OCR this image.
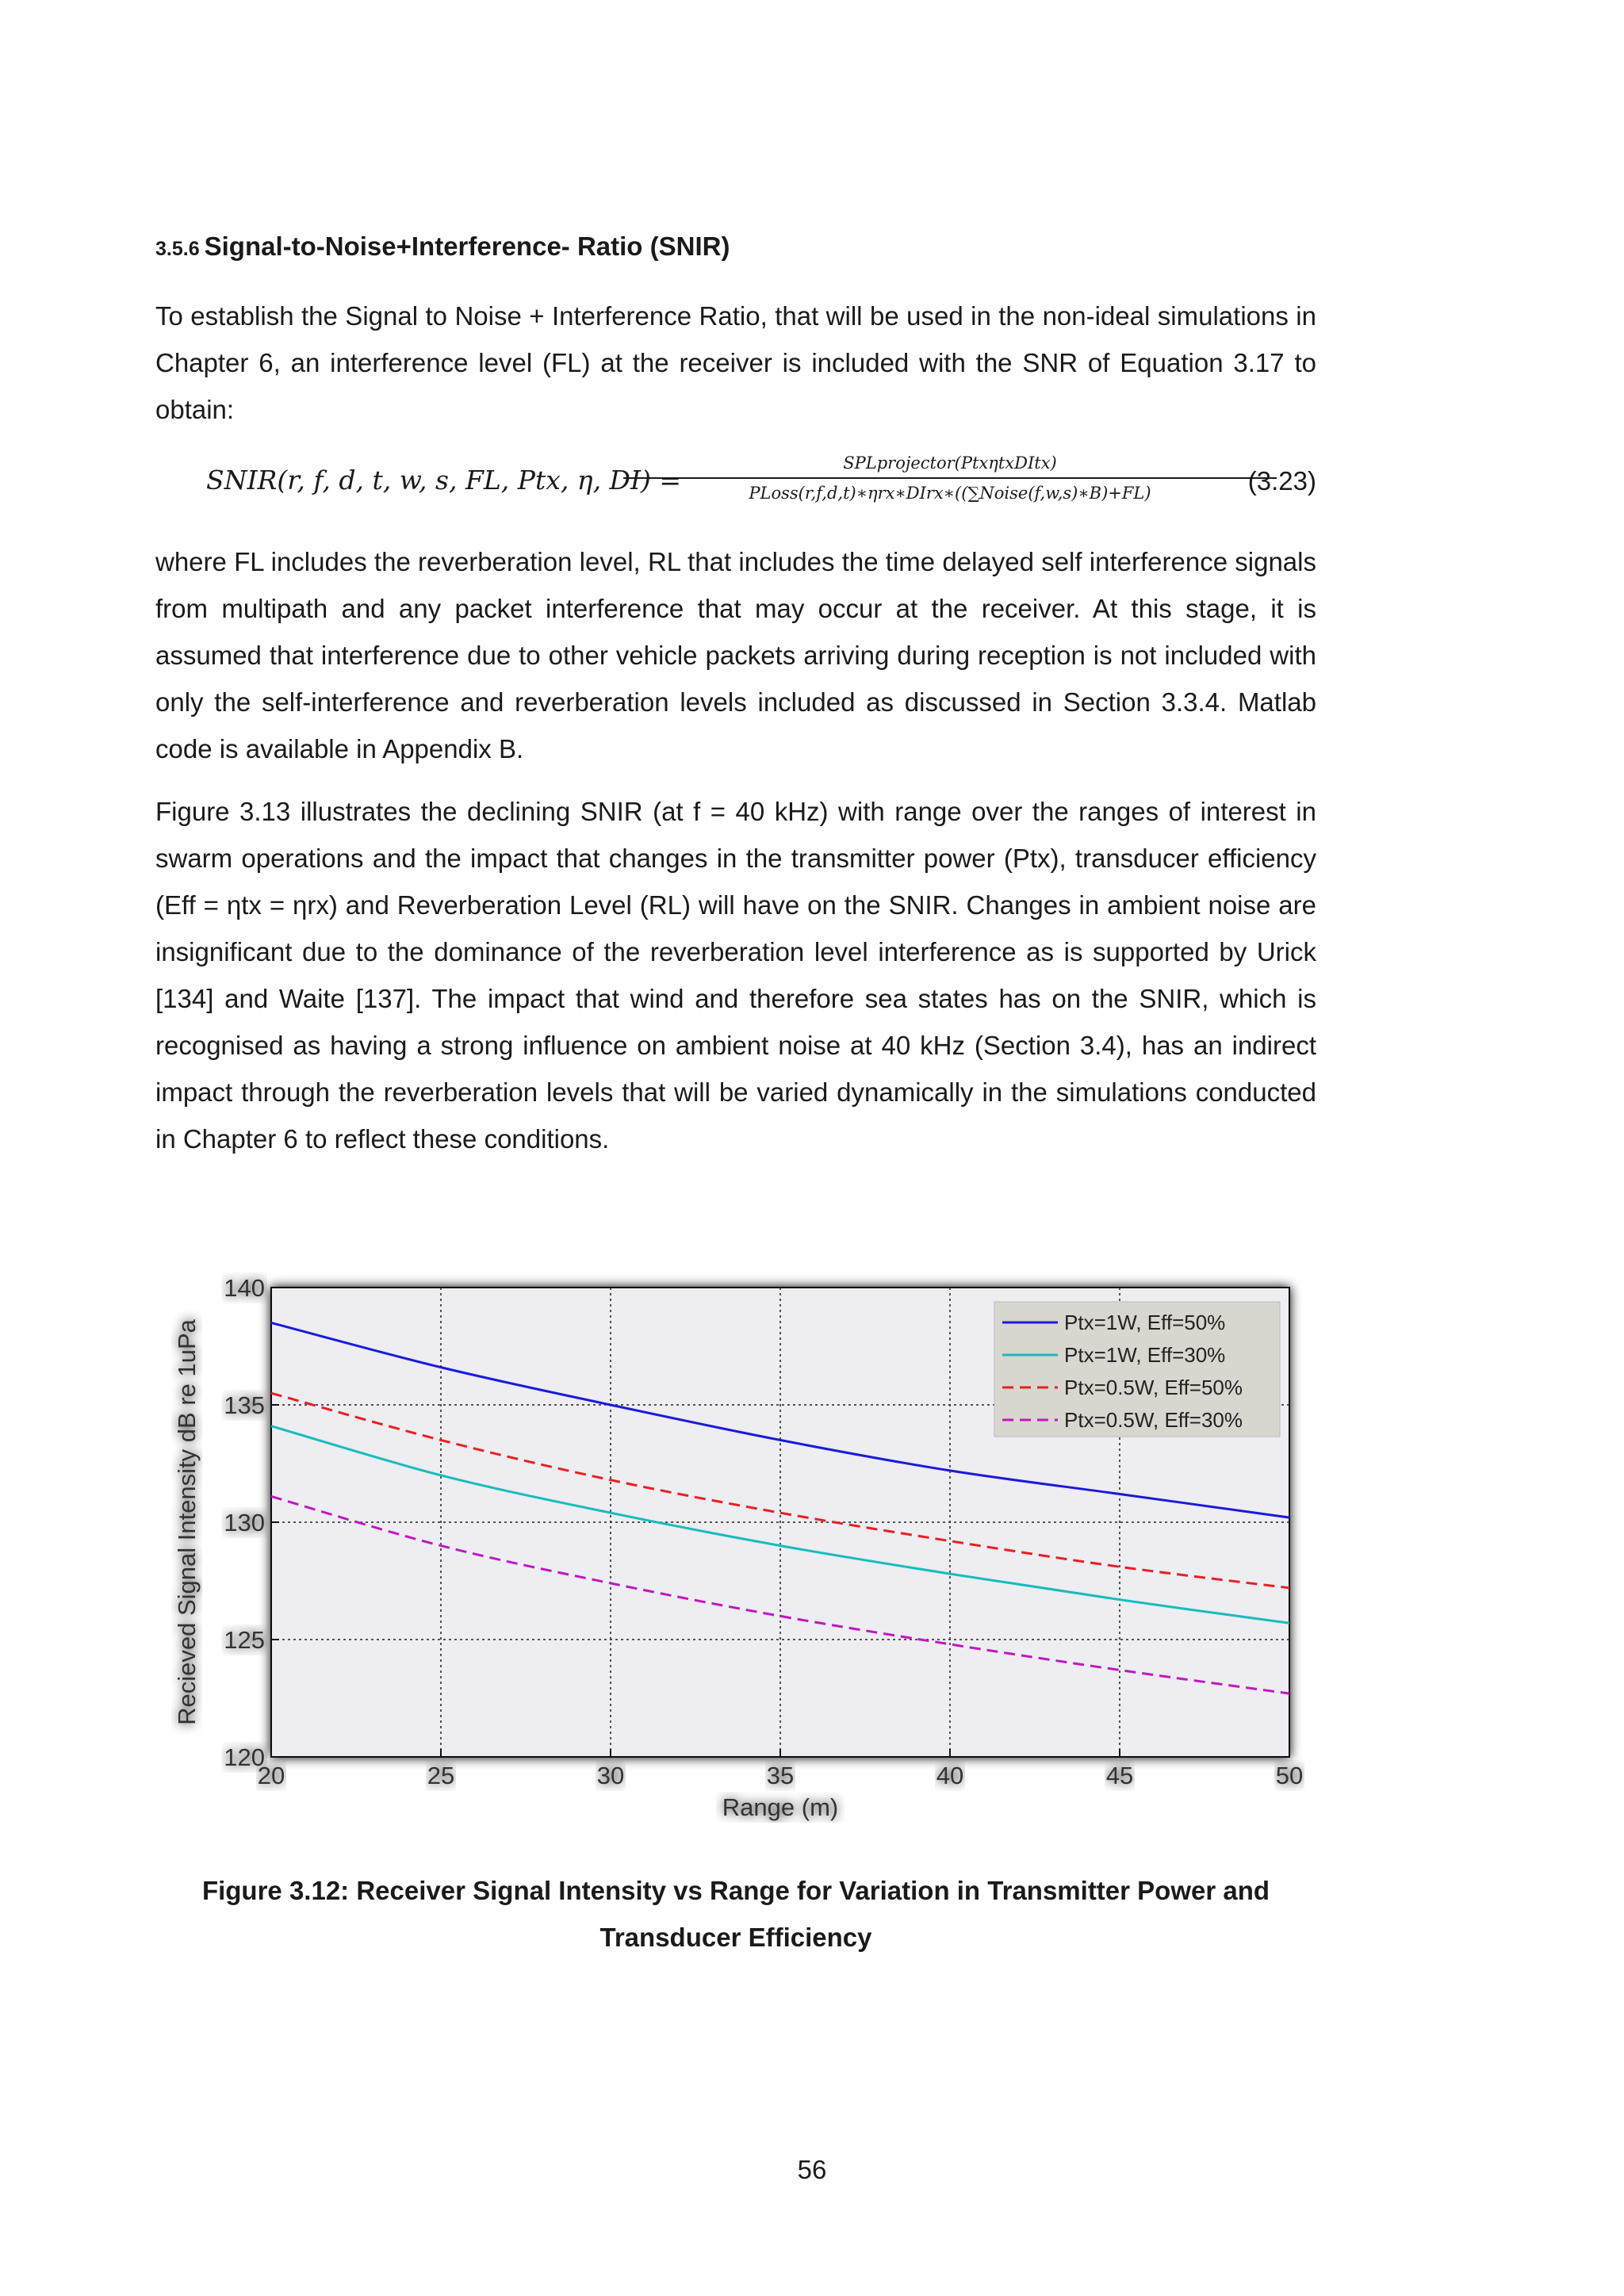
3.5.6 Signal-to-Noise+Interference- Ratio (SNIR)

To establish the Signal to Noise + Interference Ratio, that will be used in the non-ideal simulations in Chapter 6, an interference level (FL) at the receiver is included with the SNR of Equation 3.17 to obtain:

SNIR(r, f, d, t, w, s, FL, Ptx, η, DI) =
SPLprojector(PtxηtxDItx)
PLoss(r,f,d,t)∗ηrx∗DIrx∗((∑Noise(f,w,s)∗B)+FL)	(3.23)

where FL includes the reverberation level, RL that includes the time delayed self interference signals from multipath and any packet interference that may occur at the receiver. At this stage, it is assumed that interference due to other vehicle packets arriving during reception is not included with only the self-interference and reverberation levels included as discussed in Section 3.3.4. Matlab code is available in Appendix B.

Figure 3.13 illustrates the declining SNIR (at f = 40 kHz) with range over the ranges of interest in swarm operations and the impact that changes in the transmitter power (Ptx), transducer efficiency (Eff = ηtx = ηrx) and Reverberation Level (RL) will have on the SNIR. Changes in ambient noise are insignificant due to the dominance of the reverberation level interference as is supported by Urick [134] and Waite [137]. The impact that wind and therefore sea states has on the SNIR, which is recognised as having a strong influence on ambient noise at 40 kHz (Section 3.4), has an indirect impact through the reverberation levels that will be varied dynamically in the simulations conducted in Chapter 6 to reflect these conditions.

20	25	30	35	40	45	50
120
125
130
135
140
Range (m)
Recieved Signal Intensity dB re 1uPa	Ptx=1W, Eff=50%
Ptx=1W, Eff=30%
Ptx=0.5W, Eff=50%
Ptx=0.5W, Eff=30%
Figure 3.12: Receiver Signal Intensity vs Range for Variation in Transmitter Power and Transducer Efficiency
56
